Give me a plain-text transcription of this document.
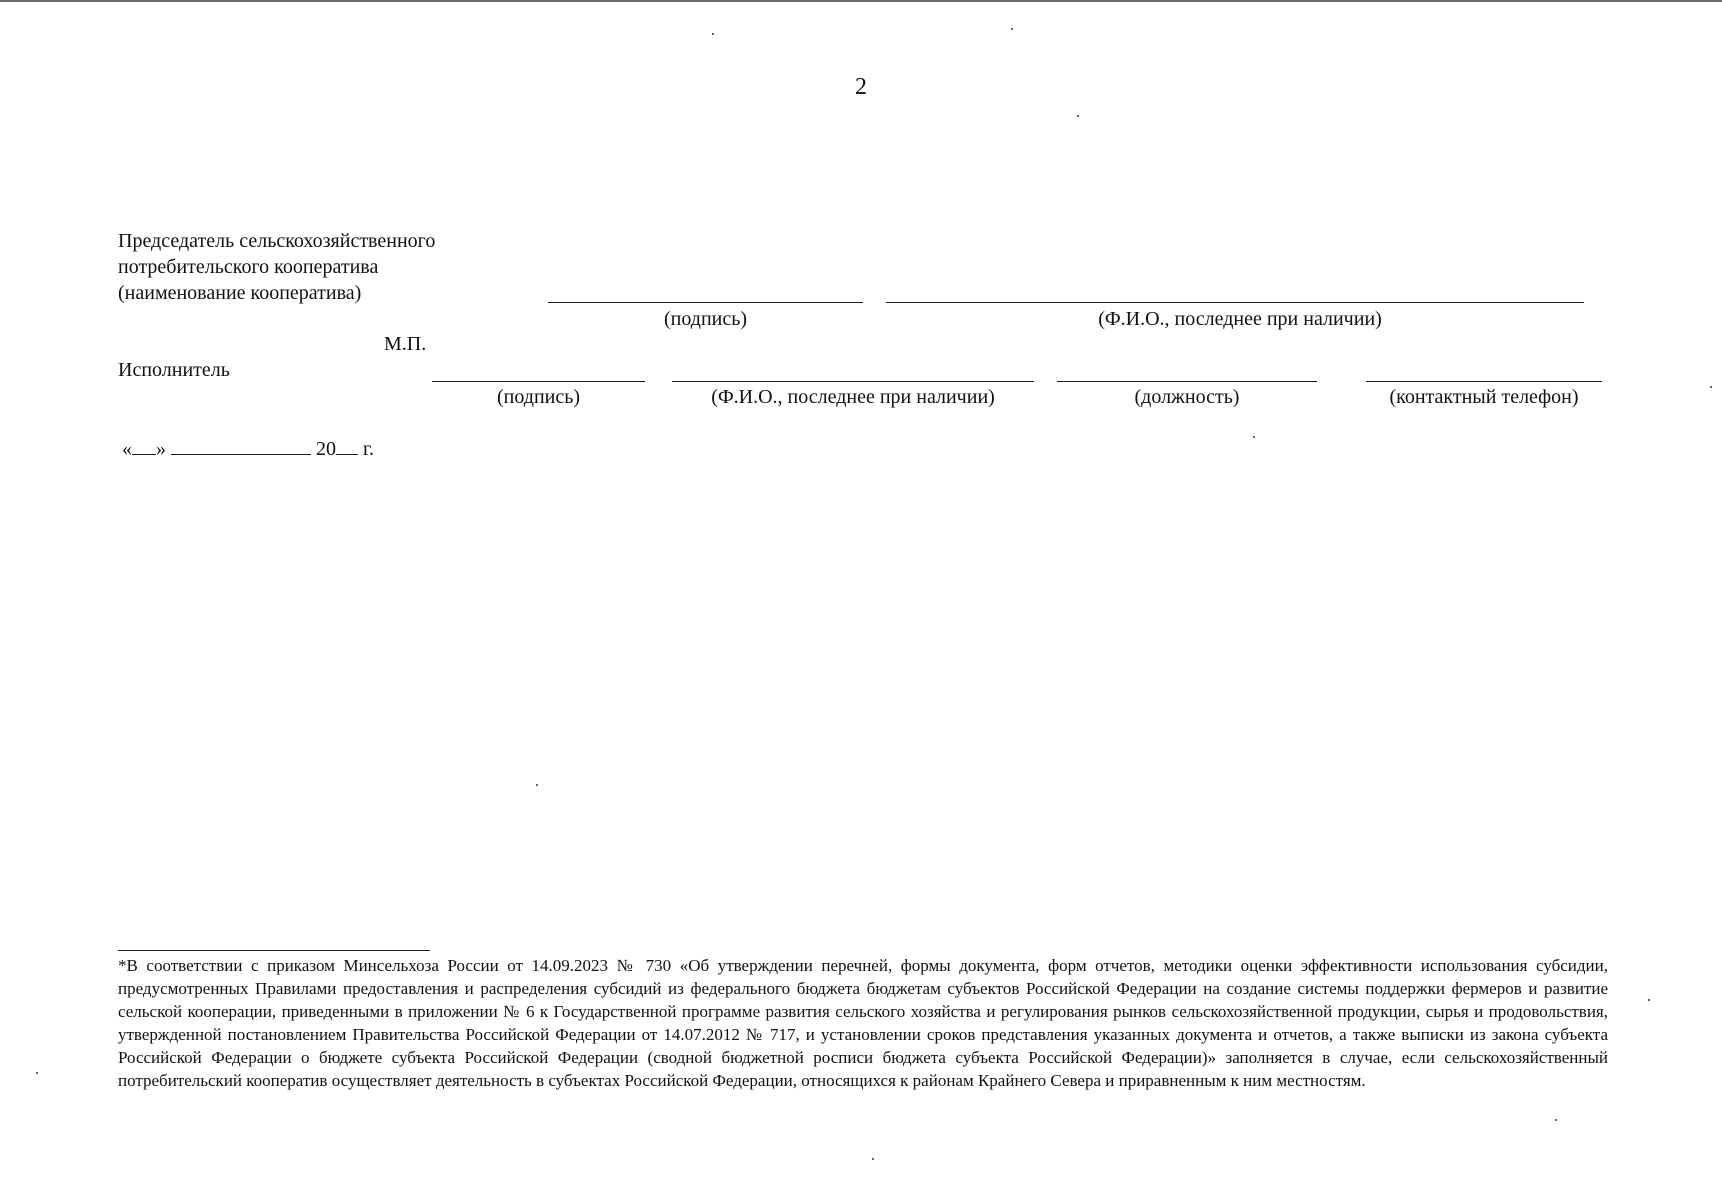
2
Председатель сельскохозяйственного
потребительского кооператива
(наименование кооператива)
(подпись)	(Ф.И.О., последнее при наличии)
М.П.
Исполнитель
(подпись)	(Ф.И.О., последнее при наличии)	(должность)	(контактный телефон)
« »	20 г.
*В соответствии с приказом Минсельхоза России от 14.09.2023 № 730 «Об утверждении перечней, формы документа, форм отчетов, методики оценки эффективности использования субсидии, предусмотренных Правилами предоставления и распределения субсидий из федерального бюджета бюджетам субъектов Российской Федерации на создание системы поддержки фермеров и развитие сельской кооперации, приведенными в приложении № 6 к Государственной программе развития сельского хозяйства и регулирования рынков сельскохозяйственной продукции, сырья и продовольствия, утвержденной постановлением Правительства Российской Федерации от 14.07.2012 № 717, и установлении сроков представления указанных документа и отчетов, а также выписки из закона субъекта Российской Федерации о бюджете субъекта Российской Федерации (сводной бюджетной росписи бюджета субъекта Российской Федерации)» заполняется в случае, если сельскохозяйственный потребительский кооператив осуществляет деятельность в субъектах Российской Федерации, относящихся к районам Крайнего Севера и приравненным к ним местностям.
